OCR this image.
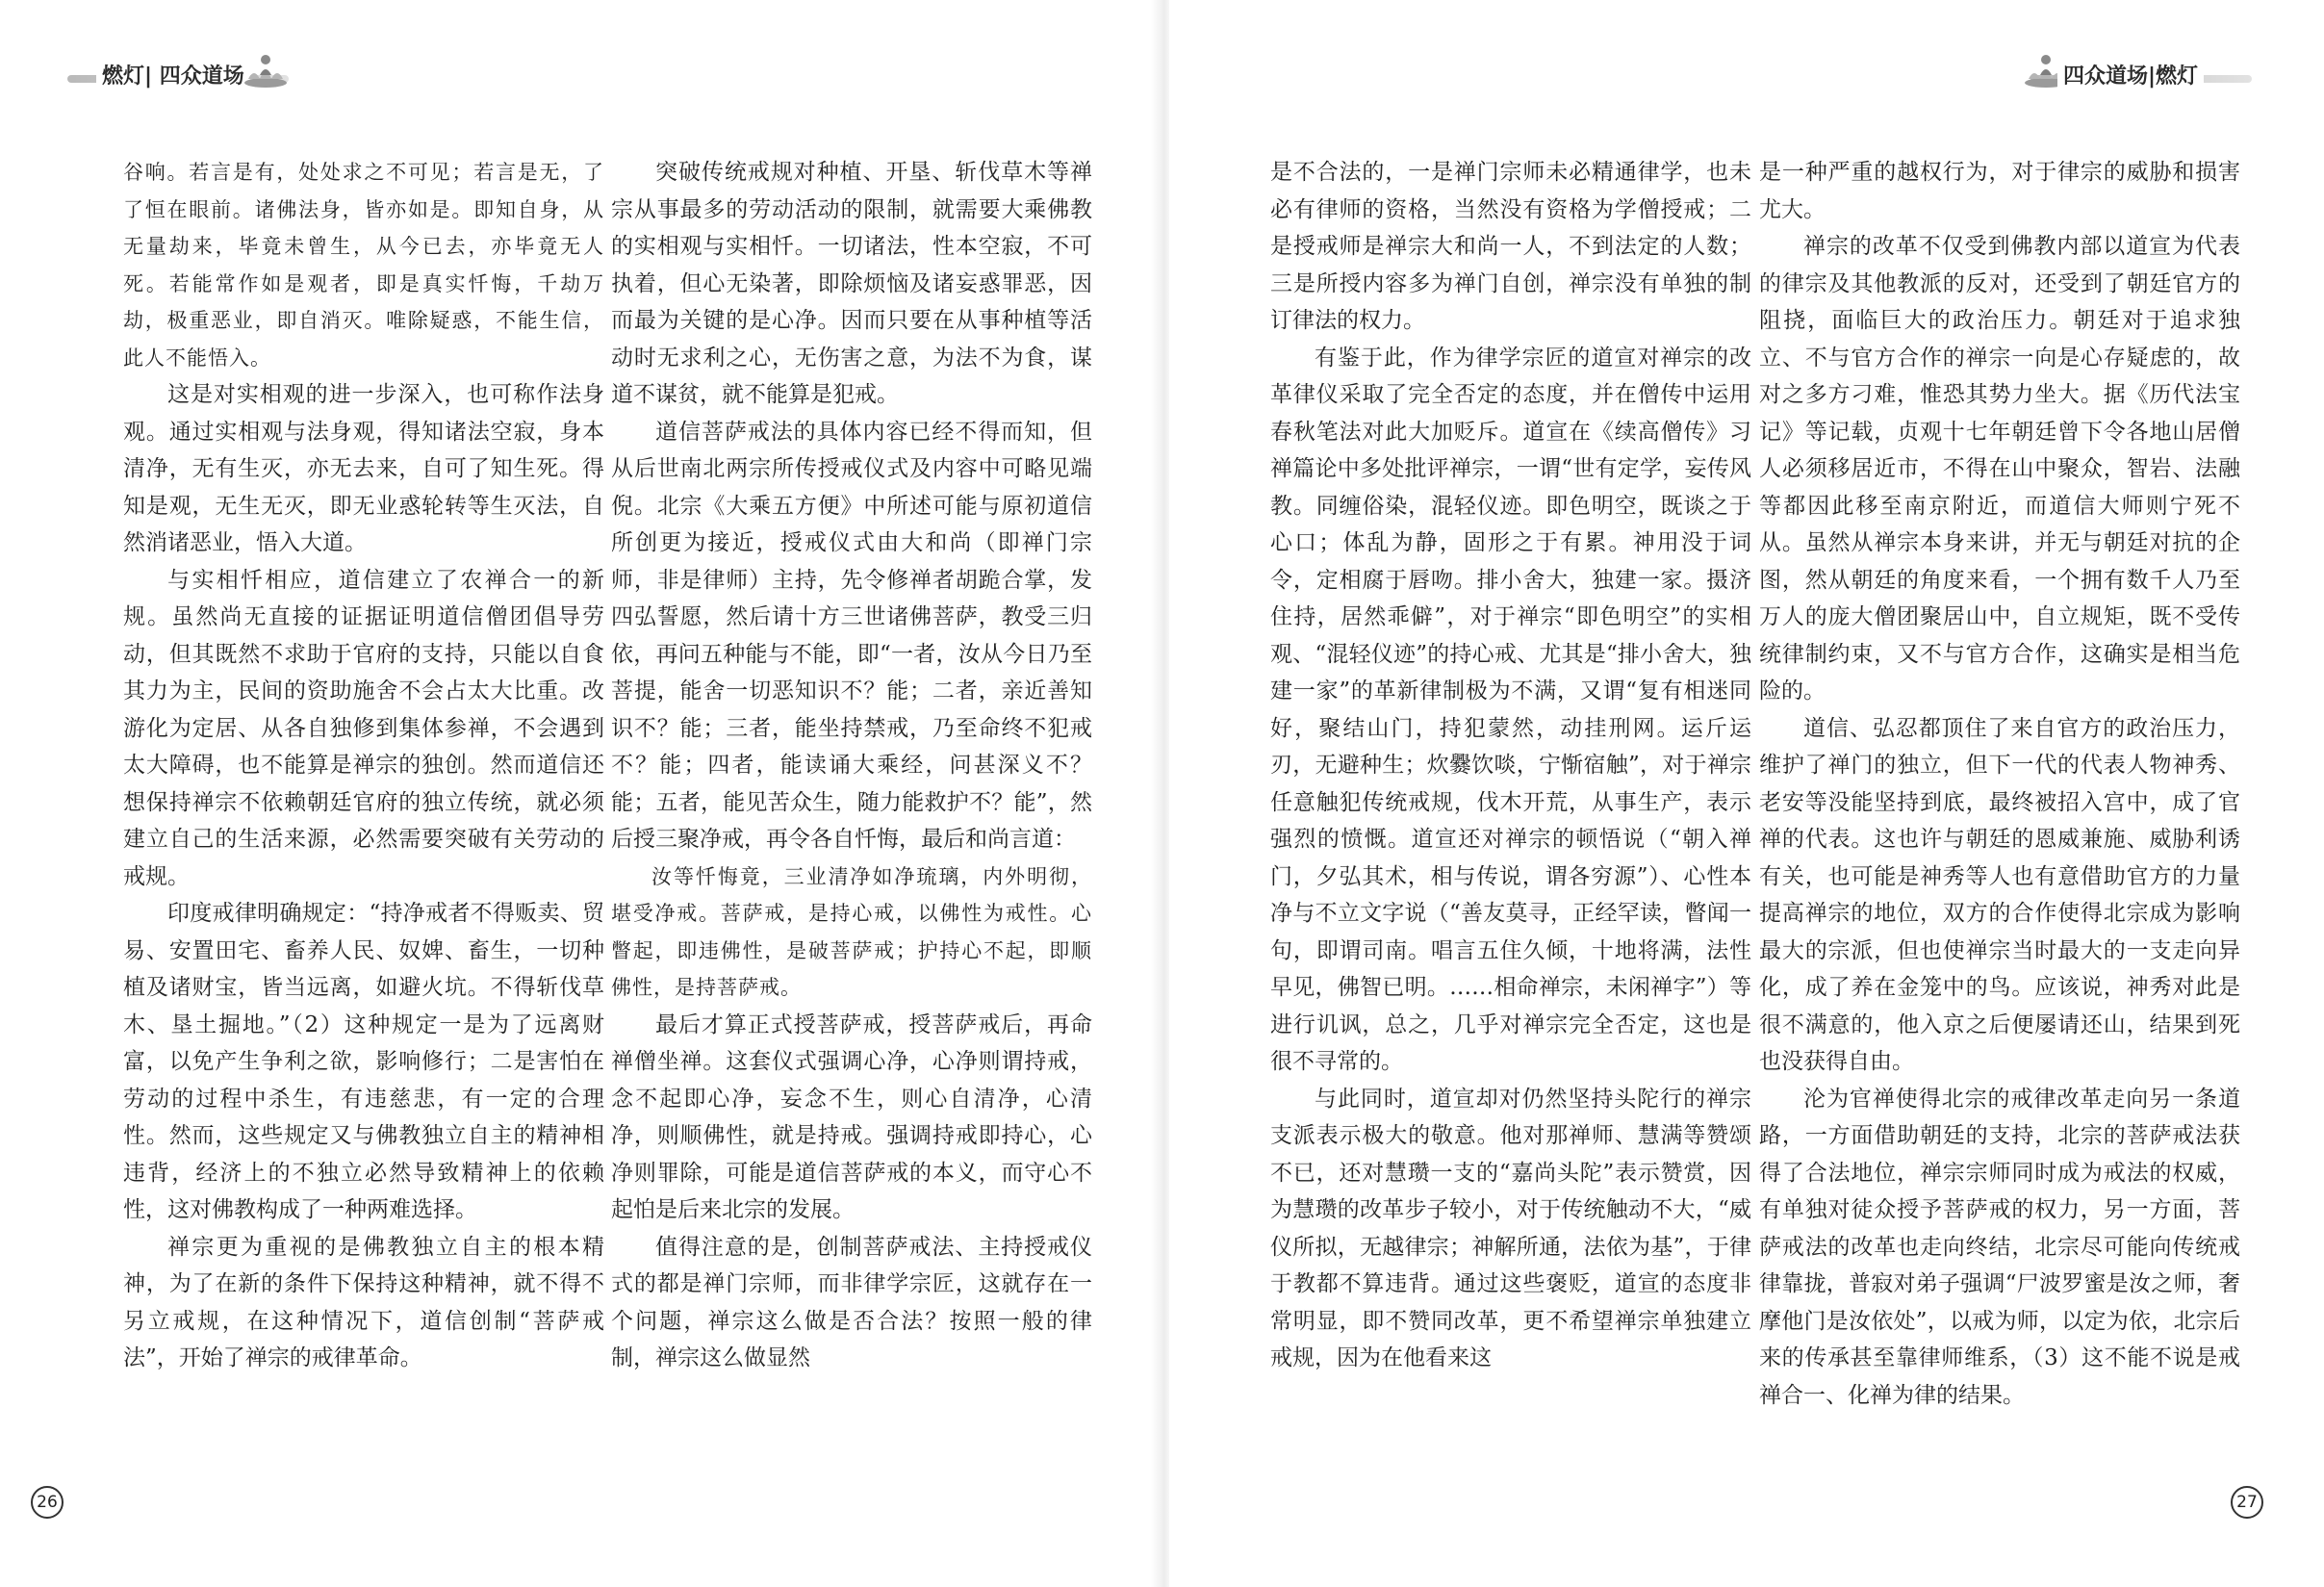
燃灯| 四众道场

谷响。若言是有，处处求之不可见；若言是无，了了恒在眼前。诸佛法身，皆亦如是。即知自身，从无量劫来，毕竟未曾生，从今已去，亦毕竟无人死。若能常作如是观者，即是真实忏悔，千劫万劫，极重恶业，即自消灭。唯除疑惑，不能生信，此人不能悟入。

这是对实相观的进一步深入，也可称作法身观。通过实相观与法身观，得知诸法空寂，身本清净，无有生灭，亦无去来，自可了知生死。得知是观，无生无灭，即无业惑轮转等生灭法，自然消诸恶业，悟入大道。

与实相忏相应，道信建立了农禅合一的新规。虽然尚无直接的证据证明道信僧团倡导劳动，但其既然不求助于官府的支持，只能以自食其力为主，民间的资助施舍不会占太大比重。改游化为定居、从各自独修到集体参禅，不会遇到太大障碍，也不能算是禅宗的独创。然而道信还想保持禅宗不依赖朝廷官府的独立传统，就必须建立自己的生活来源，必然需要突破有关劳动的戒规。

印度戒律明确规定：“持净戒者不得贩卖、贸易、安置田宅、畜养人民、奴婢、畜生，一切种植及诸财宝，皆当远离，如避火坑。不得斩伐草木、垦土掘地。”（2）这种规定一是为了远离财富，以免产生争利之欲，影响修行；二是害怕在劳动的过程中杀生，有违慈悲，有一定的合理性。然而，这些规定又与佛教独立自主的精神相违背，经济上的不独立必然导致精神上的依赖性，这对佛教构成了一种两难选择。

禅宗更为重视的是佛教独立自主的根本精神，为了在新的条件下保持这种精神，就不得不另立戒规，在这种情况下，道信创制“菩萨戒法”，开始了禅宗的戒律革命。

突破传统戒规对种植、开垦、斩伐草木等禅宗从事最多的劳动活动的限制，就需要大乘佛教的实相观与实相忏。一切诸法，性本空寂，不可执着，但心无染著，即除烦恼及诸妄惑罪恶，因而最为关键的是心净。因而只要在从事种植等活动时无求利之心，无伤害之意，为法不为食，谋道不谋贫，就不能算是犯戒。

道信菩萨戒法的具体内容已经不得而知，但从后世南北两宗所传授戒仪式及内容中可略见端倪。北宗《大乘五方便》中所述可能与原初道信所创更为接近，授戒仪式由大和尚（即禅门宗师，非是律师）主持，先令修禅者胡跪合掌，发四弘誓愿，然后请十方三世诸佛菩萨，教受三归依，再问五种能与不能，即“一者，汝从今日乃至菩提，能舍一切恶知识不？能；二者，亲近善知识不？能；三者，能坐持禁戒，乃至命终不犯戒不？能；四者，能读诵大乘经，问甚深义不？能；五者，能见苦众生，随力能救护不？能”，然后授三聚净戒，再令各自忏悔，最后和尚言道：

汝等忏悔竟，三业清净如净琉璃，内外明彻，堪受净戒。菩萨戒，是持心戒，以佛性为戒性。心瞥起，即违佛性，是破菩萨戒；护持心不起，即顺佛性，是持菩萨戒。

最后才算正式授菩萨戒，授菩萨戒后，再命禅僧坐禅。这套仪式强调心净，心净则谓持戒，念不起即心净，妄念不生，则心自清净，心清净，则顺佛性，就是持戒。强调持戒即持心，心净则罪除，可能是道信菩萨戒的本义，而守心不起怕是后来北宗的发展。

值得注意的是，创制菩萨戒法、主持授戒仪式的都是禅门宗师，而非律学宗匠，这就存在一个问题，禅宗这么做是否合法？按照一般的律制，禅宗这么做显然

26
四众道场|燃灯

是不合法的，一是禅门宗师未必精通律学，也未必有律师的资格，当然没有资格为学僧授戒；二是授戒师是禅宗大和尚一人，不到法定的人数；三是所授内容多为禅门自创，禅宗没有单独的制订律法的权力。

有鉴于此，作为律学宗匠的道宣对禅宗的改革律仪采取了完全否定的态度，并在僧传中运用春秋笔法对此大加贬斥。道宣在《续高僧传》习禅篇论中多处批评禅宗，一谓“世有定学，妄传风教。同缠俗染，混轻仪迹。即色明空，既谈之于心口；体乱为静，固形之于有累。神用没于词令，定相腐于唇吻。排小舍大，独建一家。摄济住持，居然乖僻”，对于禅宗“即色明空”的实相观、“混轻仪迹”的持心戒、尤其是“排小舍大，独建一家”的革新律制极为不满，又谓“复有相迷同好，聚结山门，持犯蒙然，动挂刑网。运斤运刃，无避种生；炊爨饮啖，宁惭宿触”，对于禅宗任意触犯传统戒规，伐木开荒，从事生产，表示强烈的愤慨。道宣还对禅宗的顿悟说（“朝入禅门，夕弘其术，相与传说，谓各穷源”）、心性本净与不立文字说（“善友莫寻，正经罕读，瞥闻一句，即谓司南。唱言五住久倾，十地将满，法性早见，佛智已明。……相命禅宗，未闲禅字”）等进行讥讽，总之，几乎对禅宗完全否定，这也是很不寻常的。

与此同时，道宣却对仍然坚持头陀行的禅宗支派表示极大的敬意。他对那禅师、慧满等赞颂不已，还对慧瓒一支的“嘉尚头陀”表示赞赏，因为慧瓒的改革步子较小，对于传统触动不大，“威仪所拟，无越律宗；神解所通，法依为基”，于律于教都不算违背。通过这些褒贬，道宣的态度非常明显，即不赞同改革，更不希望禅宗单独建立戒规，因为在他看来这

是一种严重的越权行为，对于律宗的威胁和损害尤大。

禅宗的改革不仅受到佛教内部以道宣为代表的律宗及其他教派的反对，还受到了朝廷官方的阻挠，面临巨大的政治压力。朝廷对于追求独立、不与官方合作的禅宗一向是心存疑虑的，故对之多方刁难，惟恐其势力坐大。据《历代法宝记》等记载，贞观十七年朝廷曾下令各地山居僧人必须移居近市，不得在山中聚众，智岩、法融等都因此移至南京附近，而道信大师则宁死不从。虽然从禅宗本身来讲，并无与朝廷对抗的企图，然从朝廷的角度来看，一个拥有数千人乃至万人的庞大僧团聚居山中，自立规矩，既不受传统律制约束，又不与官方合作，这确实是相当危险的。

道信、弘忍都顶住了来自官方的政治压力，维护了禅门的独立，但下一代的代表人物神秀、老安等没能坚持到底，最终被招入宫中，成了官禅的代表。这也许与朝廷的恩威兼施、威胁利诱有关，也可能是神秀等人也有意借助官方的力量提高禅宗的地位，双方的合作使得北宗成为影响最大的宗派，但也使禅宗当时最大的一支走向异化，成了养在金笼中的鸟。应该说，神秀对此是很不满意的，他入京之后便屡请还山，结果到死也没获得自由。

沦为官禅使得北宗的戒律改革走向另一条道路，一方面借助朝廷的支持，北宗的菩萨戒法获得了合法地位，禅宗宗师同时成为戒法的权威，有单独对徒众授予菩萨戒的权力，另一方面，菩萨戒法的改革也走向终结，北宗尽可能向传统戒律靠拢，普寂对弟子强调“尸波罗蜜是汝之师，奢摩他门是汝依处”，以戒为师，以定为依，北宗后来的传承甚至靠律师维系，（3）这不能不说是戒禅合一、化禅为律的结果。

27
